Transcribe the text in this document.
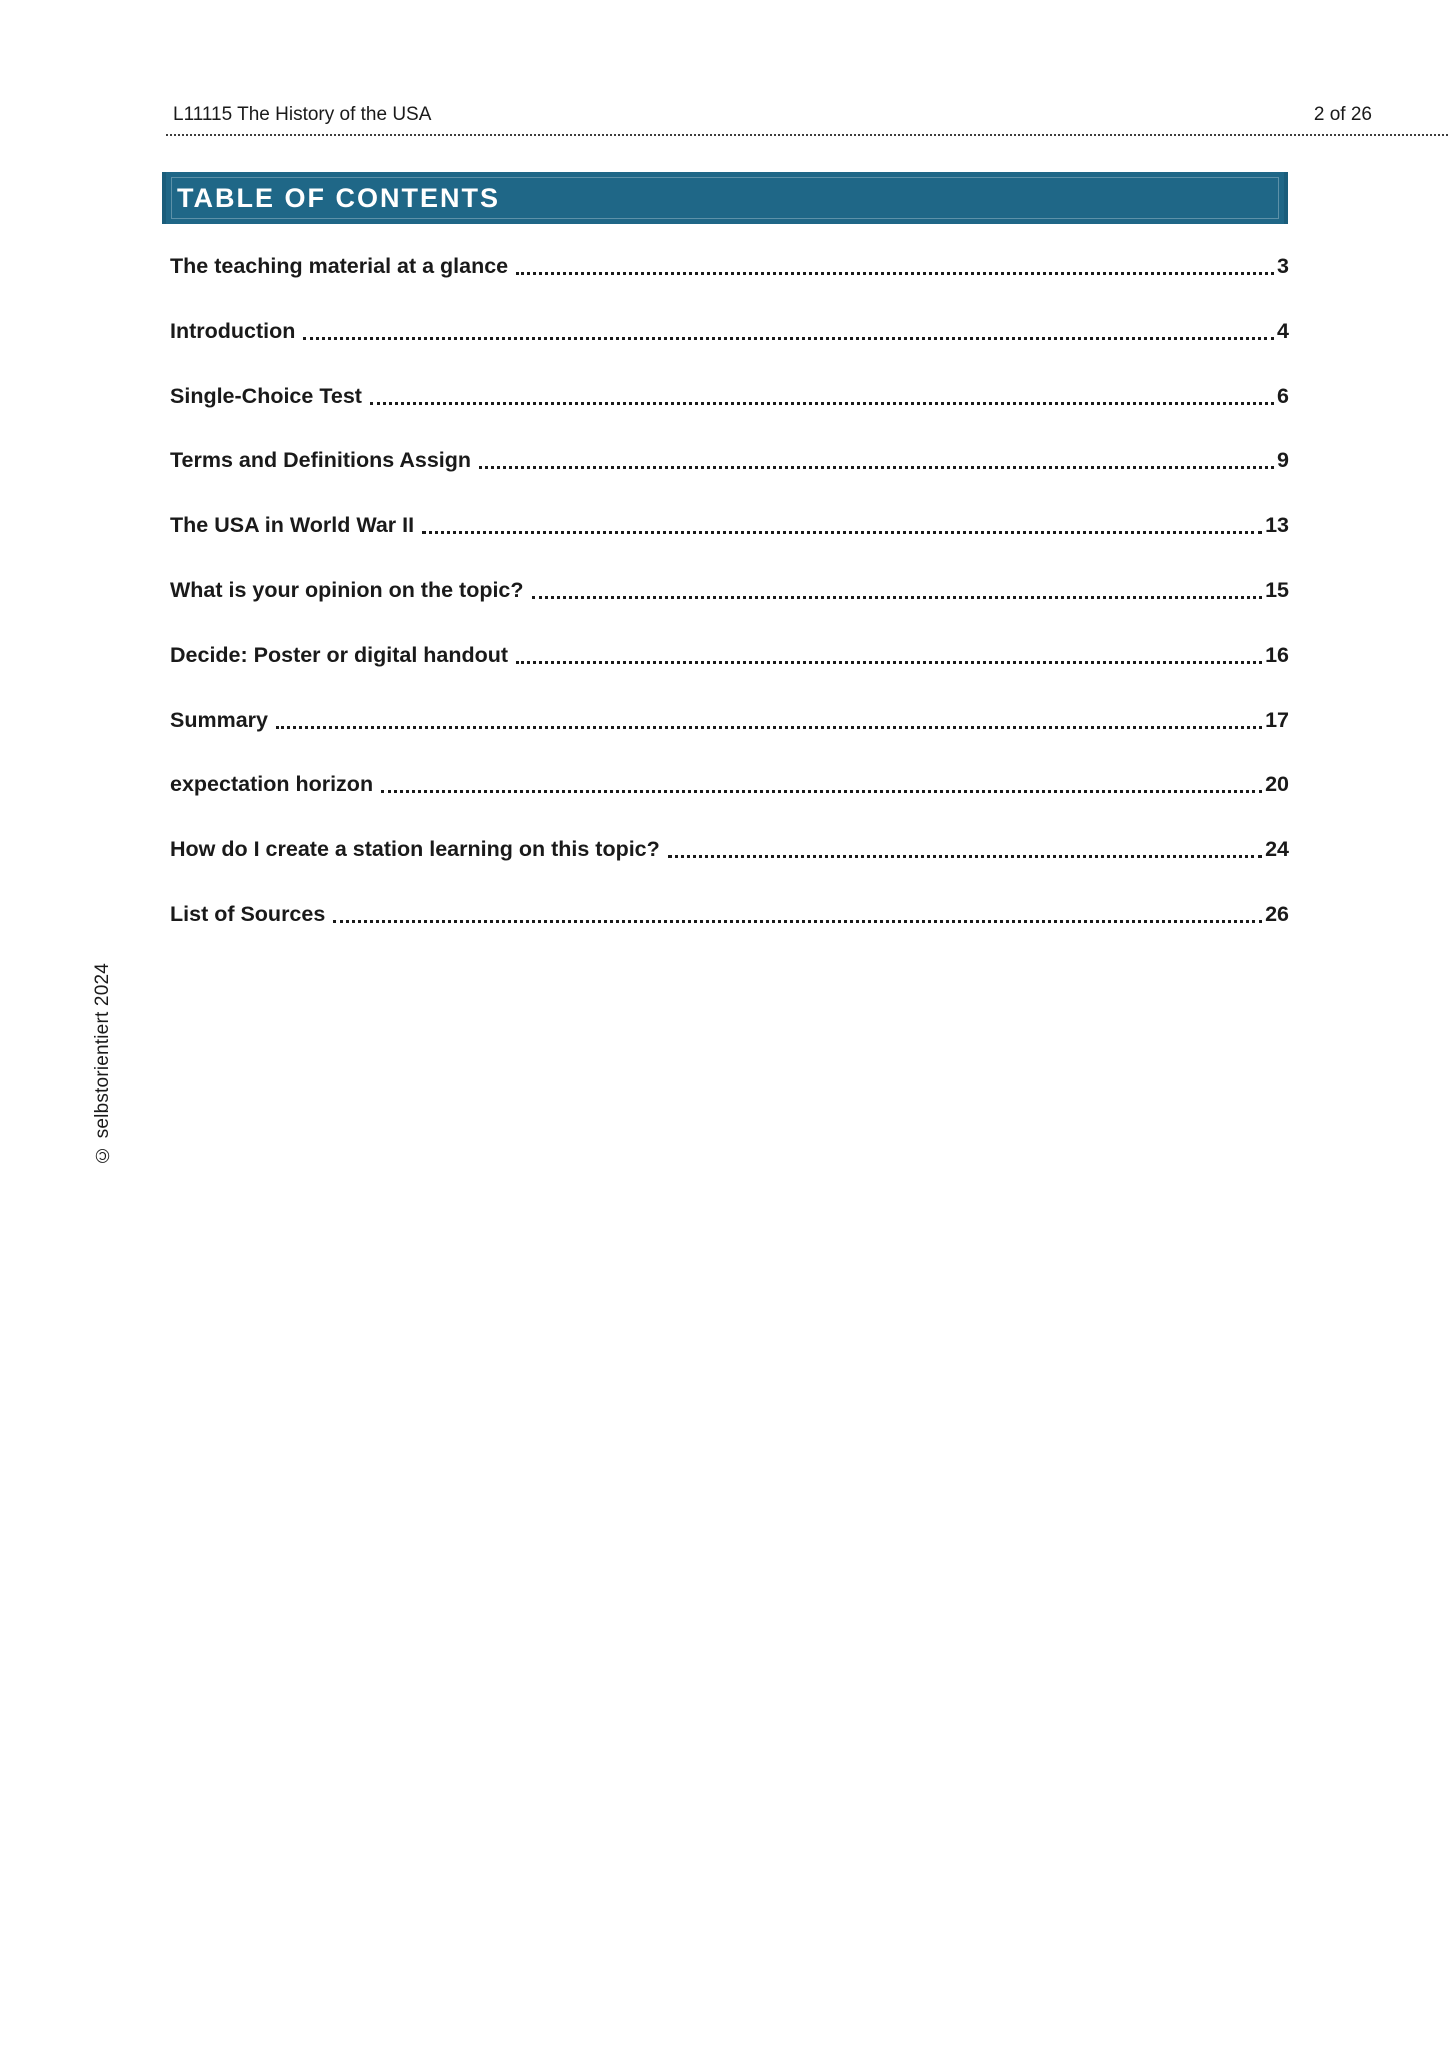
L11115 The History of the USA	2 of 26
TABLE OF CONTENTS
The teaching material at a glance	3
Introduction	4
Single-Choice Test	6
Terms and Definitions Assign	9
The USA in World War II	13
What is your opinion on the topic?	15
Decide: Poster or digital handout	16
Summary	17
expectation horizon	20
How do I create a station learning on this topic?	24
List of Sources	26
© selbstorientiert 2024
